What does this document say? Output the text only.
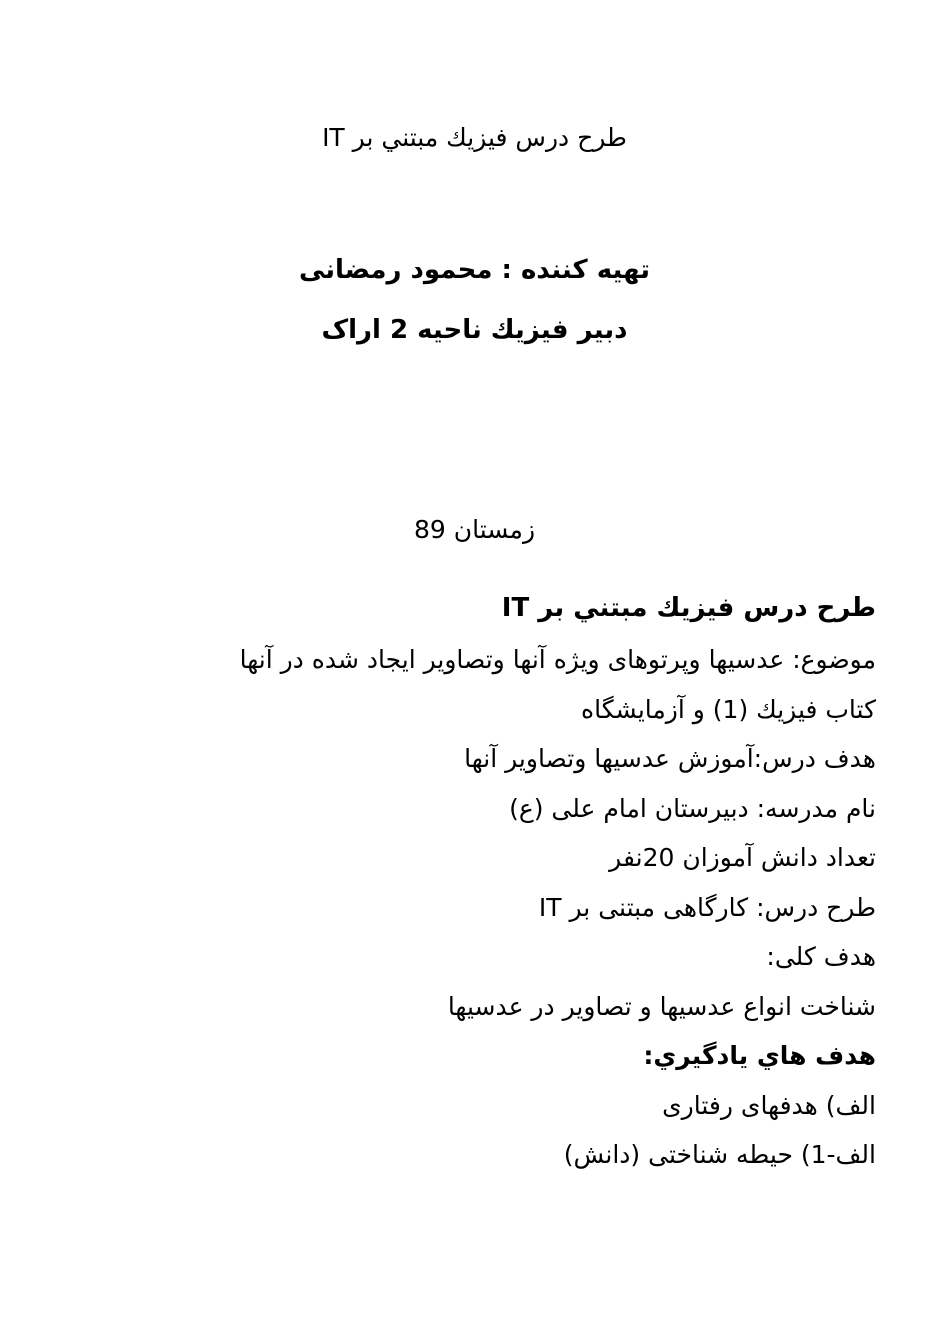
طرح درس فيزيك مبتني بر IT

تهیه کننده : محمود رمضانی

دبیر فیزیك ناحیه 2 اراک

زمستان 89

طرح درس فيزيك مبتني بر IT

موضوع: عدسیها وپرتوهای ویژه آنها وتصاویر ایجاد شده در آنها

کتاب فیزیك (1) و آزمایشگاه

هدف درس:آموزش عدسیها وتصاویر آنها

نام مدرسه: دبیرستان امام علی (ع)

تعداد دانش آموزان 20نفر

طرح درس: کارگاهی مبتنی بر IT

هدف کلی:

شناخت انواع عدسیها و تصاویر در عدسیها

هدف هاي يادگيري:

الف) هدفهای رفتاری

الف-1) حیطه شناختی (دانش)
